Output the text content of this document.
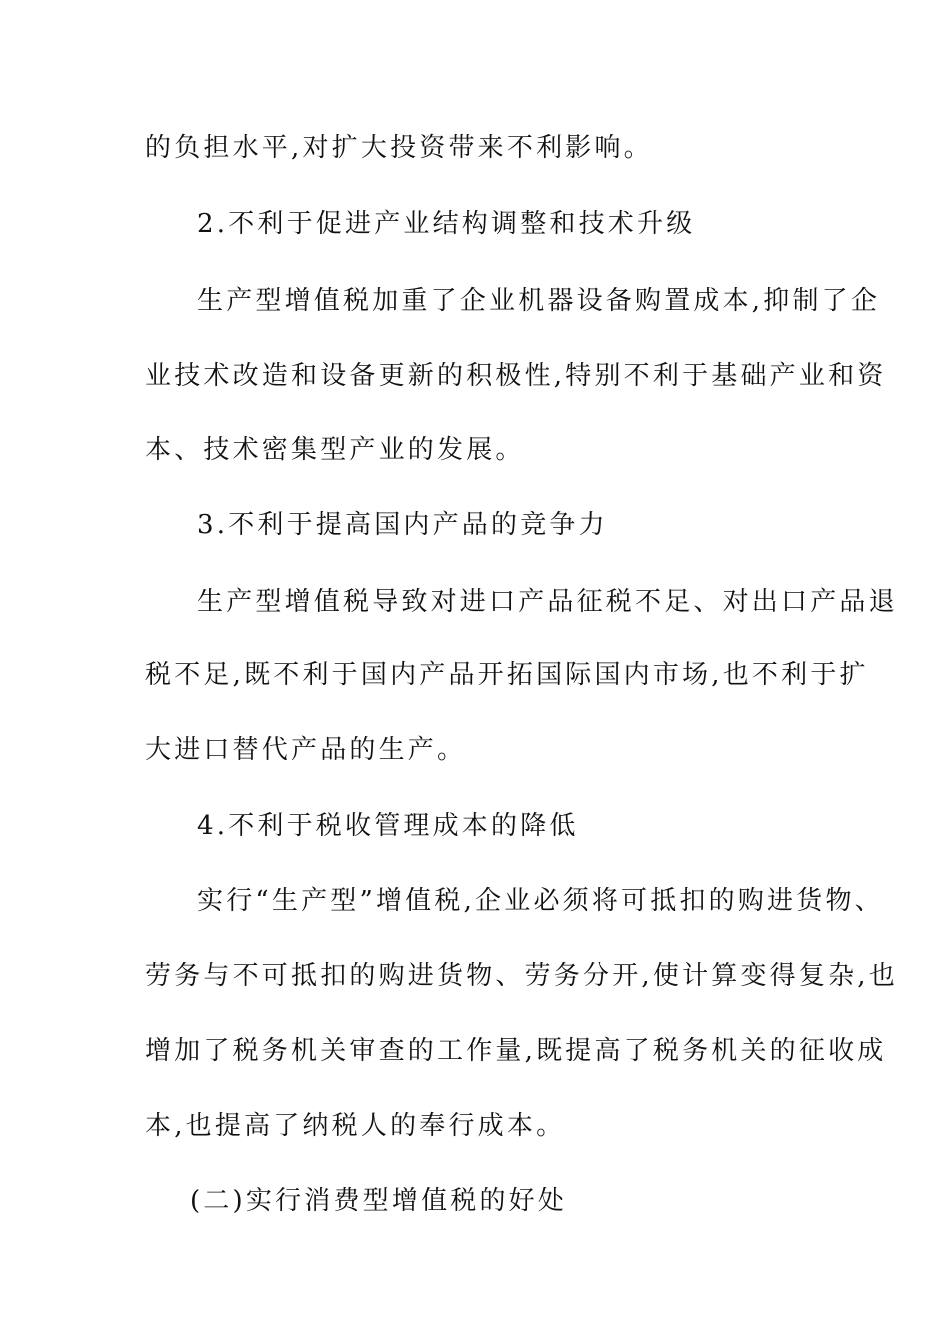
的负担水平,对扩大投资带来不利影响。
2.不利于促进产业结构调整和技术升级
生产型增值税加重了企业机器设备购置成本,抑制了企
业技术改造和设备更新的积极性,特别不利于基础产业和资
本、技术密集型产业的发展。
3.不利于提高国内产品的竞争力
生产型增值税导致对进口产品征税不足、对出口产品退
税不足,既不利于国内产品开拓国际国内市场,也不利于扩
大进口替代产品的生产。
4.不利于税收管理成本的降低
实行“生产型”增值税,企业必须将可抵扣的购进货物、
劳务与不可抵扣的购进货物、劳务分开,使计算变得复杂,也
增加了税务机关审查的工作量,既提高了税务机关的征收成
本,也提高了纳税人的奉行成本。
(二)实行消费型增值税的好处
